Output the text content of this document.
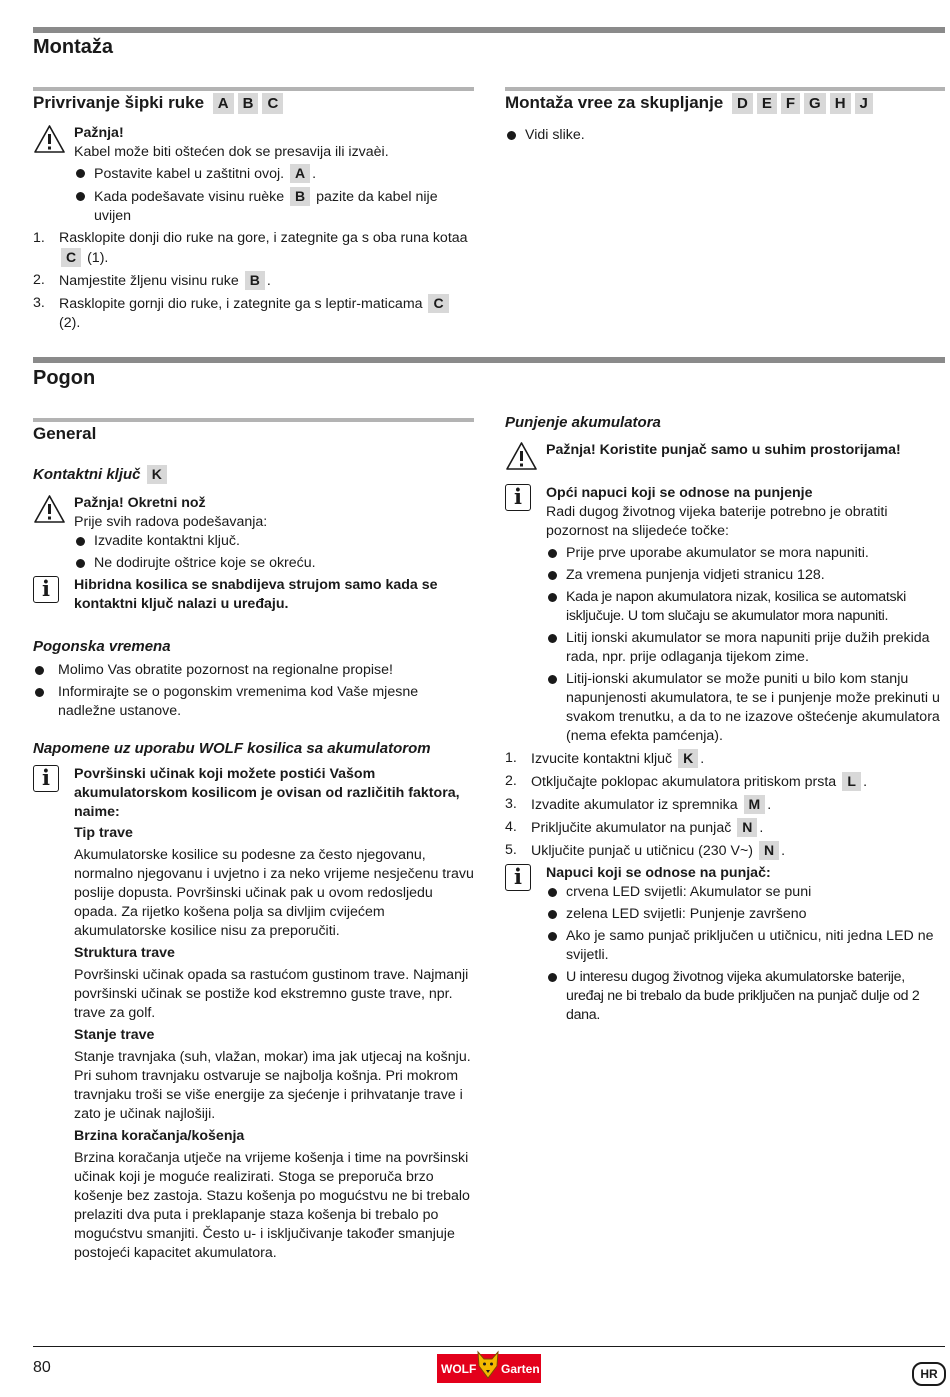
Montaža
Privrivanje šipki ruke A B C

Pažnja!

Kabel može biti oštećen dok se presavija ili izvaèi.

Postavite kabel u zaštitni ovoj. A .
Kada podešavate visinu ruèke B pazite da kabel nije uvijen
1. Rasklopite donji dio ruke na gore, i zategnite ga s oba runa kotaa C (1).
2. Namjestite žljenu visinu ruke B .
3. Rasklopite gornji dio ruke, i zategnite ga s leptir-maticama C (2).
Montaža vree za skupljanje D E F G H J
Vidi slike.
Pogon
General
Kontaktni ključ K

Pažnja! Okretni nož

Prije svih radova podešavanja:

Izvadite kontaktni ključ.
Ne dodirujte oštrice koje se okreću.
i	Hibridna kosilica se snabdijeva strujom samo kada se kontaktni ključ nalazi u uređaju.

Pogonska vremena
Molimo Vas obratite pozornost na regionalne propise!
Informirajte se o pogonskim vremenima kod Vaše mjesne nadležne ustanove.
Napomene uz uporabu WOLF kosilica sa akumulatorom
i	Površinski učinak koji možete postići Vašom akumulatorskom kosilicom je ovisan od različitih faktora, naime:

Tip trave

Akumulatorske kosilice su podesne za često njegovanu, normalno njegovanu i uvjetno i za neko vrijeme nesječenu travu poslije dopusta. Površinski učinak pak u ovom redosljedu opada. Za rijetko košena polja sa divljim cvijećem akumulatorske kosilice nisu za preporučiti.

Struktura trave

Površinski učinak opada sa rastućom gustinom trave. Najmanji površinski učinak se postiže kod ekstremno guste trave, npr. trave za golf.

Stanje trave

Stanje travnjaka (suh, vlažan, mokar) ima jak utjecaj na košnju. Pri suhom travnjaku ostvaruje se najbolja košnja. Pri mokrom travnjaku troši se više energije za sjećenje i prihvatanje trave i zato je učinak najlošiji.

Brzina koračanja/košenja

Brzina koračanja utječe na vrijeme košenja i time na površinski učinak koji je moguće realizirati. Stoga se preporuča brzo košenje bez zastoja. Stazu košenja po mogućstvu ne bi trebalo prelaziti dva puta i preklapanje staza košenja bi trebalo po mogućstvu smanjiti. Često u- i isključivanje također smanjuje postojeći kapacitet akumulatora.

Punjenje akumulatora

Pažnja! Koristite punjač samo u suhim prostorijama!

i	Opći napuci koji se odnose na punjenje

Radi dugog životnog vijeka baterije potrebno je obratiti pozornost na slijedeće točke:

Prije prve uporabe akumulator se mora napuniti.
Za vremena punjenja vidjeti stranicu 128.
Kada je napon akumulatora nizak, kosilica se automatski isključuje. U tom slučaju se akumulator mora napuniti.
Litij ionski akumulator se mora napuniti prije dužih prekida rada, npr. prije odlaganja tijekom zime.
Litij-ionski akumulator se može puniti u bilo kom stanju napunjenosti akumulatora, te se i punjenje može prekinuti u svakom trenutku, a da to ne izazove oštećenje akumulatora (nema efekta pamćenja).
1. Izvucite kontaktni ključ K .
2. Otključajte poklopac akumulatora pritiskom prsta L .
3. Izvadite akumulator iz spremnika M .
4. Priključite akumulator na punjač N .
5. Uključite punjač u utičnicu (230 V~) N .
i	Napuci koji se odnose na punjač:

crvena LED svijetli: Akumulator se puni
zelena LED svijetli: Punjenje završeno
Ako je samo punjač priključen u utičnicu, niti jedna LED ne svijetli.
U interesu dugog životnog vijeka akumulatorske baterije, uređaj ne bi trebalo da bude priključen na punjač dulje od 2 dana.
80	WOLF Garten	HR
